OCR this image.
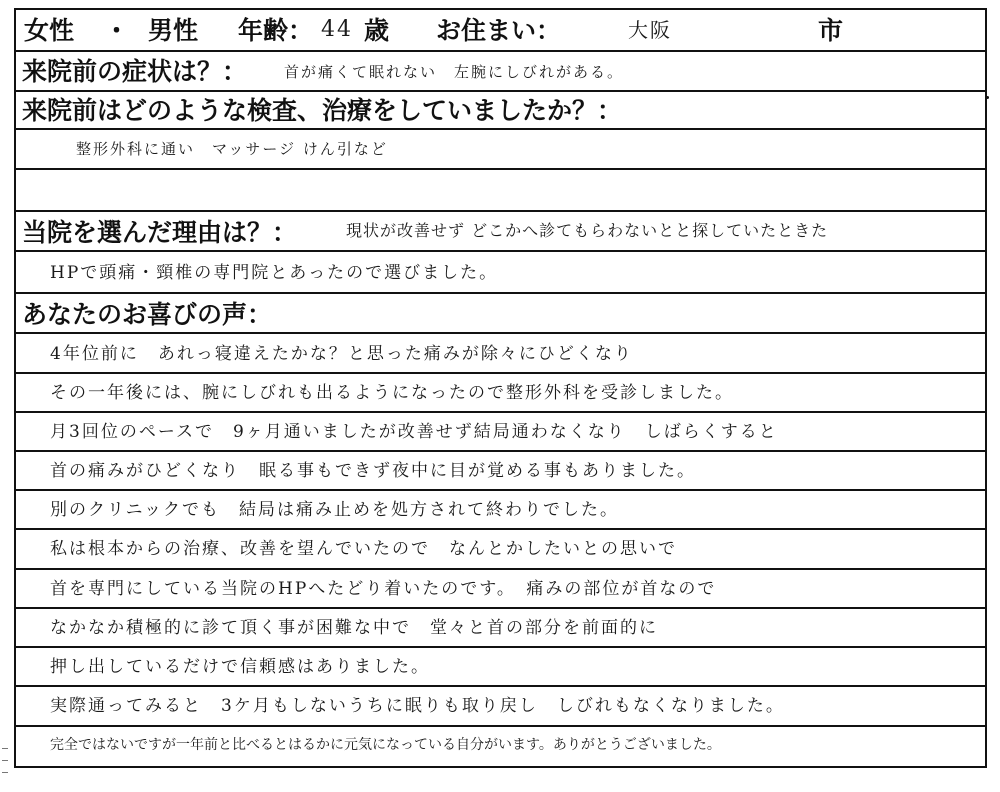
女性 ・ 男性 年齢： 44 歳 お住まい：	大阪	市
来院前の症状は？： 首が痛くて眠れない　左腕にしびれがある。
来院前はどのような検査、治療をしていましたか？：
整形外科に通い　マッサージ けん引など
当院を選んだ理由は？：	現状が改善せず どこかへ診てもらわないとと探していたときた
HPで頭痛・頸椎の専門院とあったので選びました。
あなたのお喜びの声：
4年位前に　あれっ寝違えたかな？と思った痛みが除々にひどくなり
その一年後には、腕にしびれも出るようになったので整形外科を受診しました。
月3回位のペースで　9ヶ月通いましたが改善せず結局通わなくなり　しばらくすると
首の痛みがひどくなり　眠る事もできず夜中に目が覚める事もありました。
別のクリニックでも　結局は痛み止めを処方されて終わりでした。
私は根本からの治療、改善を望んでいたので　なんとかしたいとの思いで
首を専門にしている当院のHPへたどり着いたのです。　痛みの部位が首なので
なかなか積極的に診て頂く事が困難な中で　堂々と首の部分を前面的に
押し出しているだけで信頼感はありました。
実際通ってみると　3ケ月もしないうちに眠りも取り戻し　しびれもなくなりました。
完全ではないですが一年前と比べるとはるかに元気になっている自分がいます。ありがとうございました。
